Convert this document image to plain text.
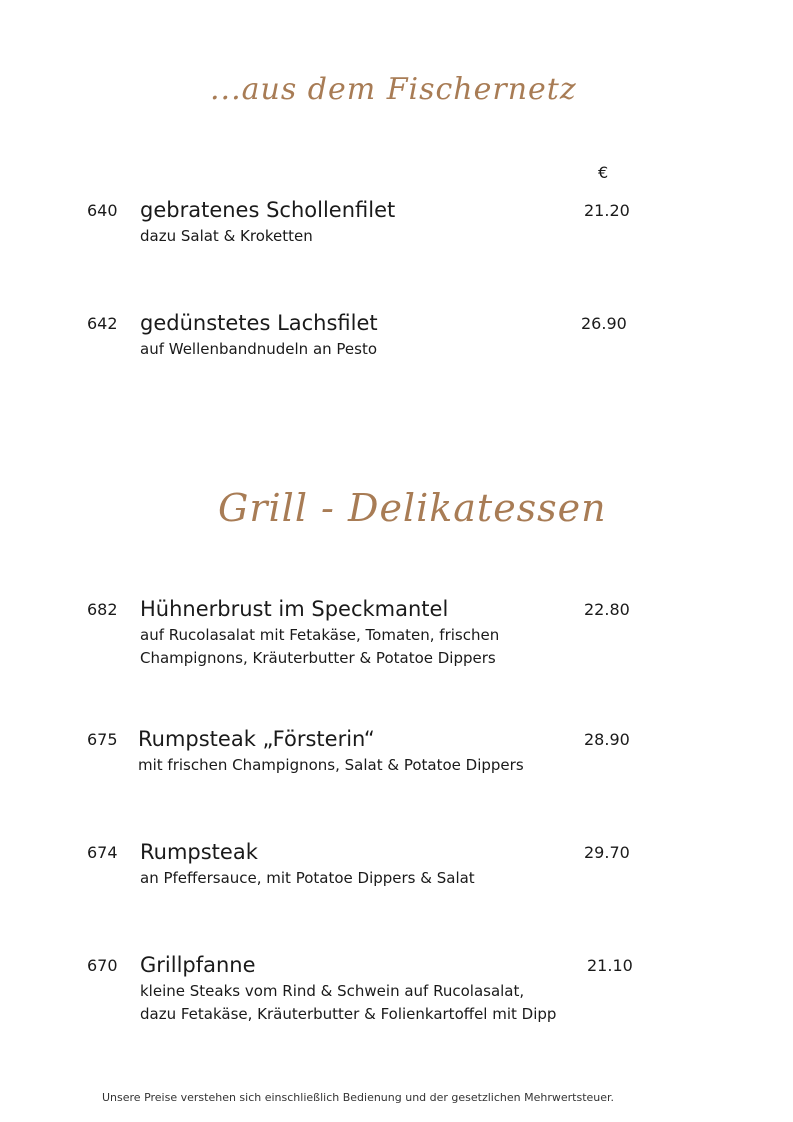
...aus dem Fischernetz
€
640 gebratenes Schollenfilet
dazu Salat & Kroketten
21.20
642 gedünstetes Lachsfilet
auf Wellenbandnudeln an Pesto
26.90
Grill - Delikatessen
682 Hühnerbrust im Speckmantel
auf Rucolasalat mit Fetakäse, Tomaten, frischen
Champignons, Kräuterbutter & Potatoe Dippers
22.80
675 Rumpsteak „Försterin“
mit frischen Champignons, Salat & Potatoe Dippers
28.90
674 Rumpsteak
an Pfeffersauce, mit Potatoe Dippers & Salat
29.70
670 Grillpfanne
kleine Steaks vom Rind & Schwein auf Rucolasalat,
dazu Fetakäse, Kräuterbutter & Folienkartoffel mit Dipp
21.10
Unsere Preise verstehen sich einschließlich Bedienung und der gesetzlichen Mehrwertsteuer.
